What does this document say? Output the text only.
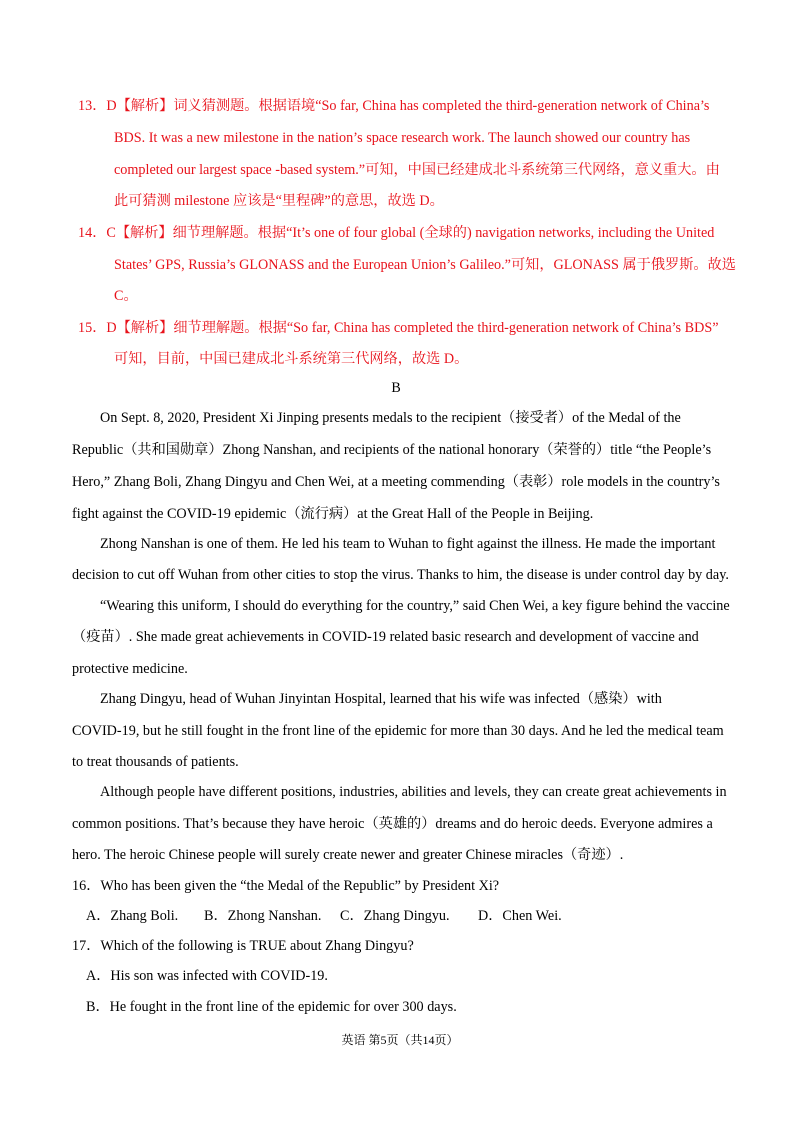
13．D【解析】词义猜测题。根据语境“So far, China has completed the third-generation network of China’s
BDS. It was a new milestone in the nation’s space research work. The launch showed our country has
completed our largest space -based system.”可知，中国已经建成北斗系统第三代网络，意义重大。由
此可猜测 milestone 应该是“里程碑”的意思，故选 D。
14．C【解析】细节理解题。根据“It’s one of four global (全球的) navigation networks, including the United
States’ GPS, Russia’s GLONASS and the European Union’s Galileo.”可知，GLONASS 属于俄罗斯。故选
C。
15．D【解析】细节理解题。根据“So far, China has completed the third-generation network of China’s BDS”
可知，目前，中国已建成北斗系统第三代网络，故选 D。
B
On Sept. 8, 2020, President Xi Jinping presents medals to the recipient（接受者）of the Medal of the
Republic（共和国勋章）Zhong Nanshan, and recipients of the national honorary（荣誉的）title “the People’s
Hero,” Zhang Boli, Zhang Dingyu and Chen Wei, at a meeting commending（表彰）role models in the country’s
fight against the COVID-19 epidemic（流行病）at the Great Hall of the People in Beijing.
Zhong Nanshan is one of them. He led his team to Wuhan to fight against the illness. He made the important
decision to cut off Wuhan from other cities to stop the virus. Thanks to him, the disease is under control day by day.
“Wearing this uniform, I should do everything for the country,” said Chen Wei, a key figure behind the vaccine
（疫苗）. She made great achievements in COVID-19 related basic research and development of vaccine and
protective medicine.
Zhang Dingyu, head of Wuhan Jinyintan Hospital, learned that his wife was infected（感染）with
COVID-19, but he still fought in the front line of the epidemic for more than 30 days. And he led the medical team
to treat thousands of patients.
Although people have different positions, industries, abilities and levels, they can create great achievements in
common positions. That’s because they have heroic（英雄的）dreams and do heroic deeds. Everyone admires a
hero. The heroic Chinese people will surely create newer and greater Chinese miracles（奇迹）.
16．Who has been given the “the Medal of the Republic” by President Xi?
A．Zhang Boli. B．Zhong Nanshan. C．Zhang Dingyu. D．Chen Wei.
17．Which of the following is TRUE about Zhang Dingyu?
A．His son was infected with COVID-19.
B．He fought in the front line of the epidemic for over 300 days.
英语 第5页（共14页）
